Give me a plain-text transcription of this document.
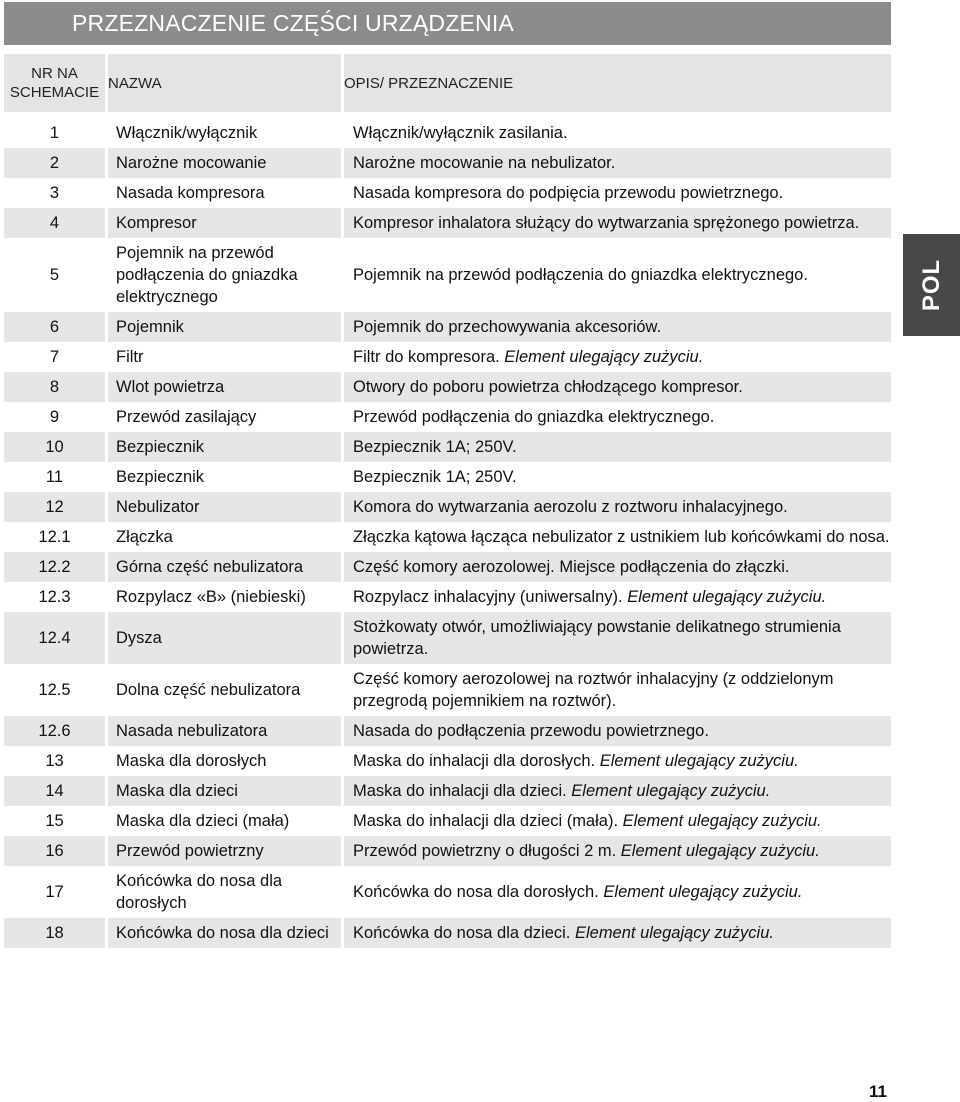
PRZEZNACZENIE CZĘŚCI URZĄDZENIA
NR NA SCHEMACIE	NAZWA	OPIS/ PRZEZNACZENIE

1	Włącznik/wyłącznik	Włącznik/wyłącznik zasilania.
2	Narożne mocowanie	Narożne mocowanie na nebulizator.
3	Nasada kompresora	Nasada kompresora do podpięcia przewodu powietrznego.
4	Kompresor	Kompresor inhalatora służący do wytwarzania sprężonego powietrza.
5	Pojemnik na przewód podłączenia do gniazdka elektrycznego	Pojemnik na przewód podłączenia do gniazdka elektrycznego.
6	Pojemnik	Pojemnik do przechowywania akcesoriów.
7	Filtr	Filtr do kompresora. Element ulegający zużyciu.
8	Wlot powietrza	Otwory do poboru powietrza chłodzącego kompresor.
9	Przewód zasilający	Przewód podłączenia do gniazdka elektrycznego.
10	Bezpiecznik	Bezpiecznik 1A; 250V.
11	Bezpiecznik	Bezpiecznik 1A; 250V.
12	Nebulizator	Komora do wytwarzania aerozolu z roztworu inhalacyjnego.
12.1	Złączka	Złączka kątowa łącząca nebulizator z ustnikiem lub końcówkami do nosa.
12.2	Górna część nebulizatora	Część komory aerozolowej. Miejsce podłączenia do złączki.
12.3	Rozpylacz «B» (niebieski)	Rozpylacz inhalacyjny (uniwersalny). Element ulegający zużyciu.
12.4	Dysza	Stożkowaty otwór, umożliwiający powstanie delikatnego strumienia powietrza.
12.5	Dolna część nebulizatora	Część komory aerozolowej na roztwór inhalacyjny (z oddzielonym przegrodą pojemnikiem na roztwór).
12.6	Nasada nebulizatora	Nasada do podłączenia przewodu powietrznego.
13	Maska dla dorosłych	Maska do inhalacji dla dorosłych. Element ulegający zużyciu.
14	Maska dla dzieci	Maska do inhalacji dla dzieci. Element ulegający zużyciu.
15	Maska dla dzieci (mała)	Maska do inhalacji dla dzieci (mała). Element ulegający zużyciu.
16	Przewód powietrzny	Przewód powietrzny o długości 2 m. Element ulegający zużyciu.
17	Końcówka do nosa dla dorosłych	Końcówka do nosa dla dorosłych. Element ulegający zużyciu.
18	Końcówka do nosa dla dzieci	Końcówka do nosa dla dzieci. Element ulegający zużyciu.
POL
11
